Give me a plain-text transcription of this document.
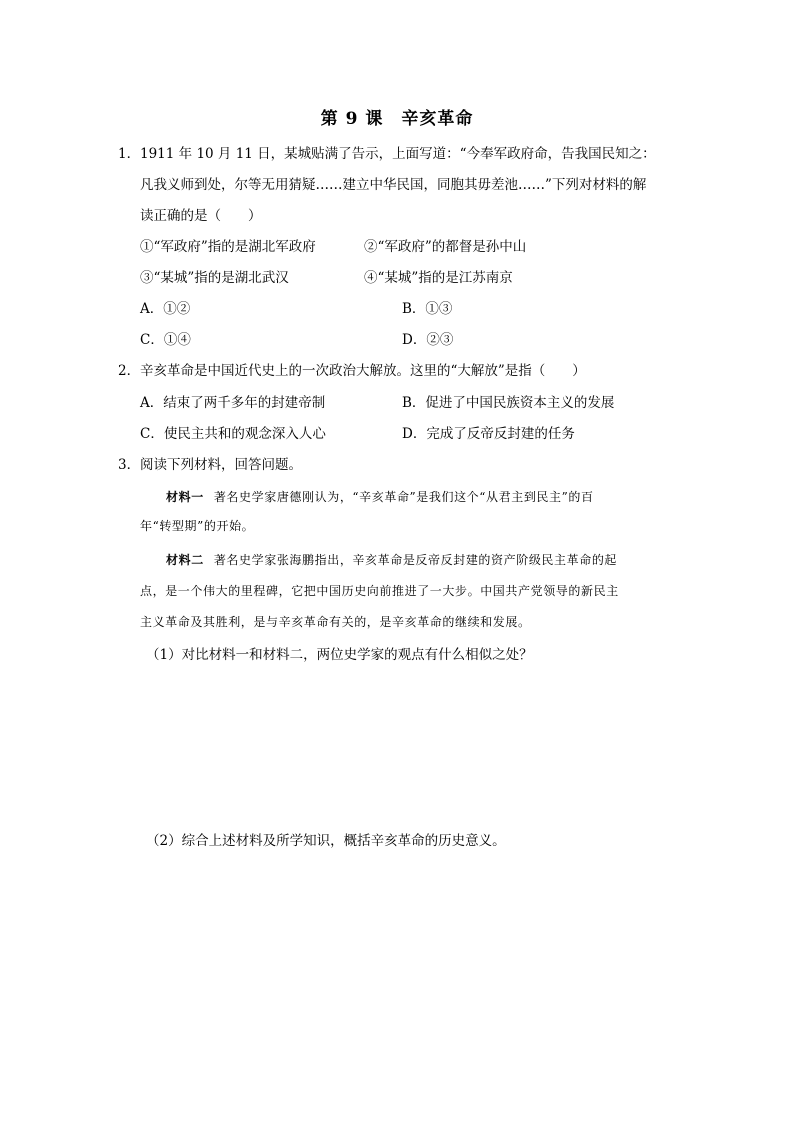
第 9 课　辛亥革命
1． 1911 年 10 月 11 日，某城贴满了告示，上面写道：“今奉军政府命，告我国民知之：
凡我义师到处，尔等无用猜疑……建立中华民国，同胞其毋差池……”下列对材料的解
读正确的是（　　）
①“军政府”指的是湖北军政府	②“军政府”的都督是孙中山
③“某城”指的是湖北武汉	④“某城”指的是江苏南京
A．①②	B．①③
C．①④	D．②③
2． 辛亥革命是中国近代史上的一次政治大解放。这里的“大解放”是指（　　）
A．结束了两千多年的封建帝制	B．促进了中国民族资本主义的发展
C．使民主共和的观念深入人心	D．完成了反帝反封建的任务
3． 阅读下列材料，回答问题。
材料一 著名史学家唐德刚认为，“辛亥革命”是我们这个“从君主到民主”的百
年“转型期”的开始。
材料二 著名史学家张海鹏指出，辛亥革命是反帝反封建的资产阶级民主革命的起
点，是一个伟大的里程碑，它把中国历史向前推进了一大步。中国共产党领导的新民主
主义革命及其胜利，是与辛亥革命有关的，是辛亥革命的继续和发展。
（1）对比材料一和材料二，两位史学家的观点有什么相似之处？
（2）综合上述材料及所学知识，概括辛亥革命的历史意义。
